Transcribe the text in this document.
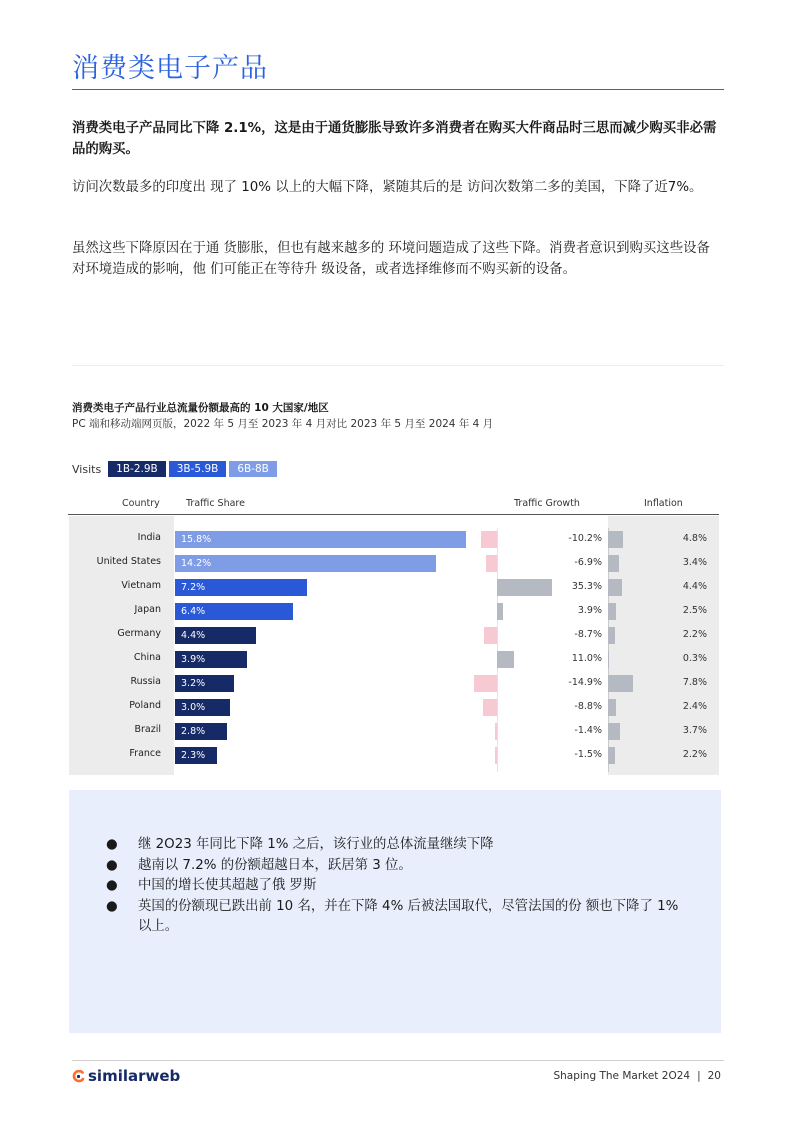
消费类电子产品
消费类电子产品同比下降 2.1%，这是由于通货膨胀导致许多消费者在购买大件商品时三思而减少购买非必需品的购买。
访问次数最多的印度出 现了 10% 以上的大幅下降，紧随其后的是 访问次数第二多的美国，下降了近7%。
虽然这些下降原因在于通 货膨胀，但也有越来越多的 环境问题造成了这些下降。消费者意识到购买这些设备对环境造成的影响，他 们可能正在等待升 级设备，或者选择维修而不购买新的设备。
消费类电子产品行业总流量份额最高的 10 大国家/地区
PC 端和移动端网页版，2022 年 5 月至 2023 年 4 月对比 2023 年 5 月至 2024 年 4 月
Visits	1B-2.9B	3B-5.9B	6B-8B
Country	Traffic Share	Traffic Growth	Inflation
India 15.8%	-10.2%	4.8%
United States 14.2%	-6.9%	3.4%
Vietnam 7.2%	35.3%	4.4%
Japan 6.4%	3.9%	2.5%
Germany 4.4%	-8.7%	2.2%
China 3.9%	11.0%	0.3%
Russia 3.2%	-14.9%	7.8%
Poland 3.0%	-8.8%	2.4%
Brazil 2.8%	-1.4%	3.7%
France 2.3%	-1.5%	2.2%
● 继 2O23 年同比下降 1% 之后，该行业的总体流量继续下降
● 越南以 7.2% 的份额超越日本，跃居第 3 位。
● 中国的增长使其超越了俄 罗斯
● 英国的份额现已跌出前 10 名，并在下降 4% 后被法国取代，尽管法国的份 额也下降了 1% 以上。
similarweb	Shaping The Market 2O24 | 20
